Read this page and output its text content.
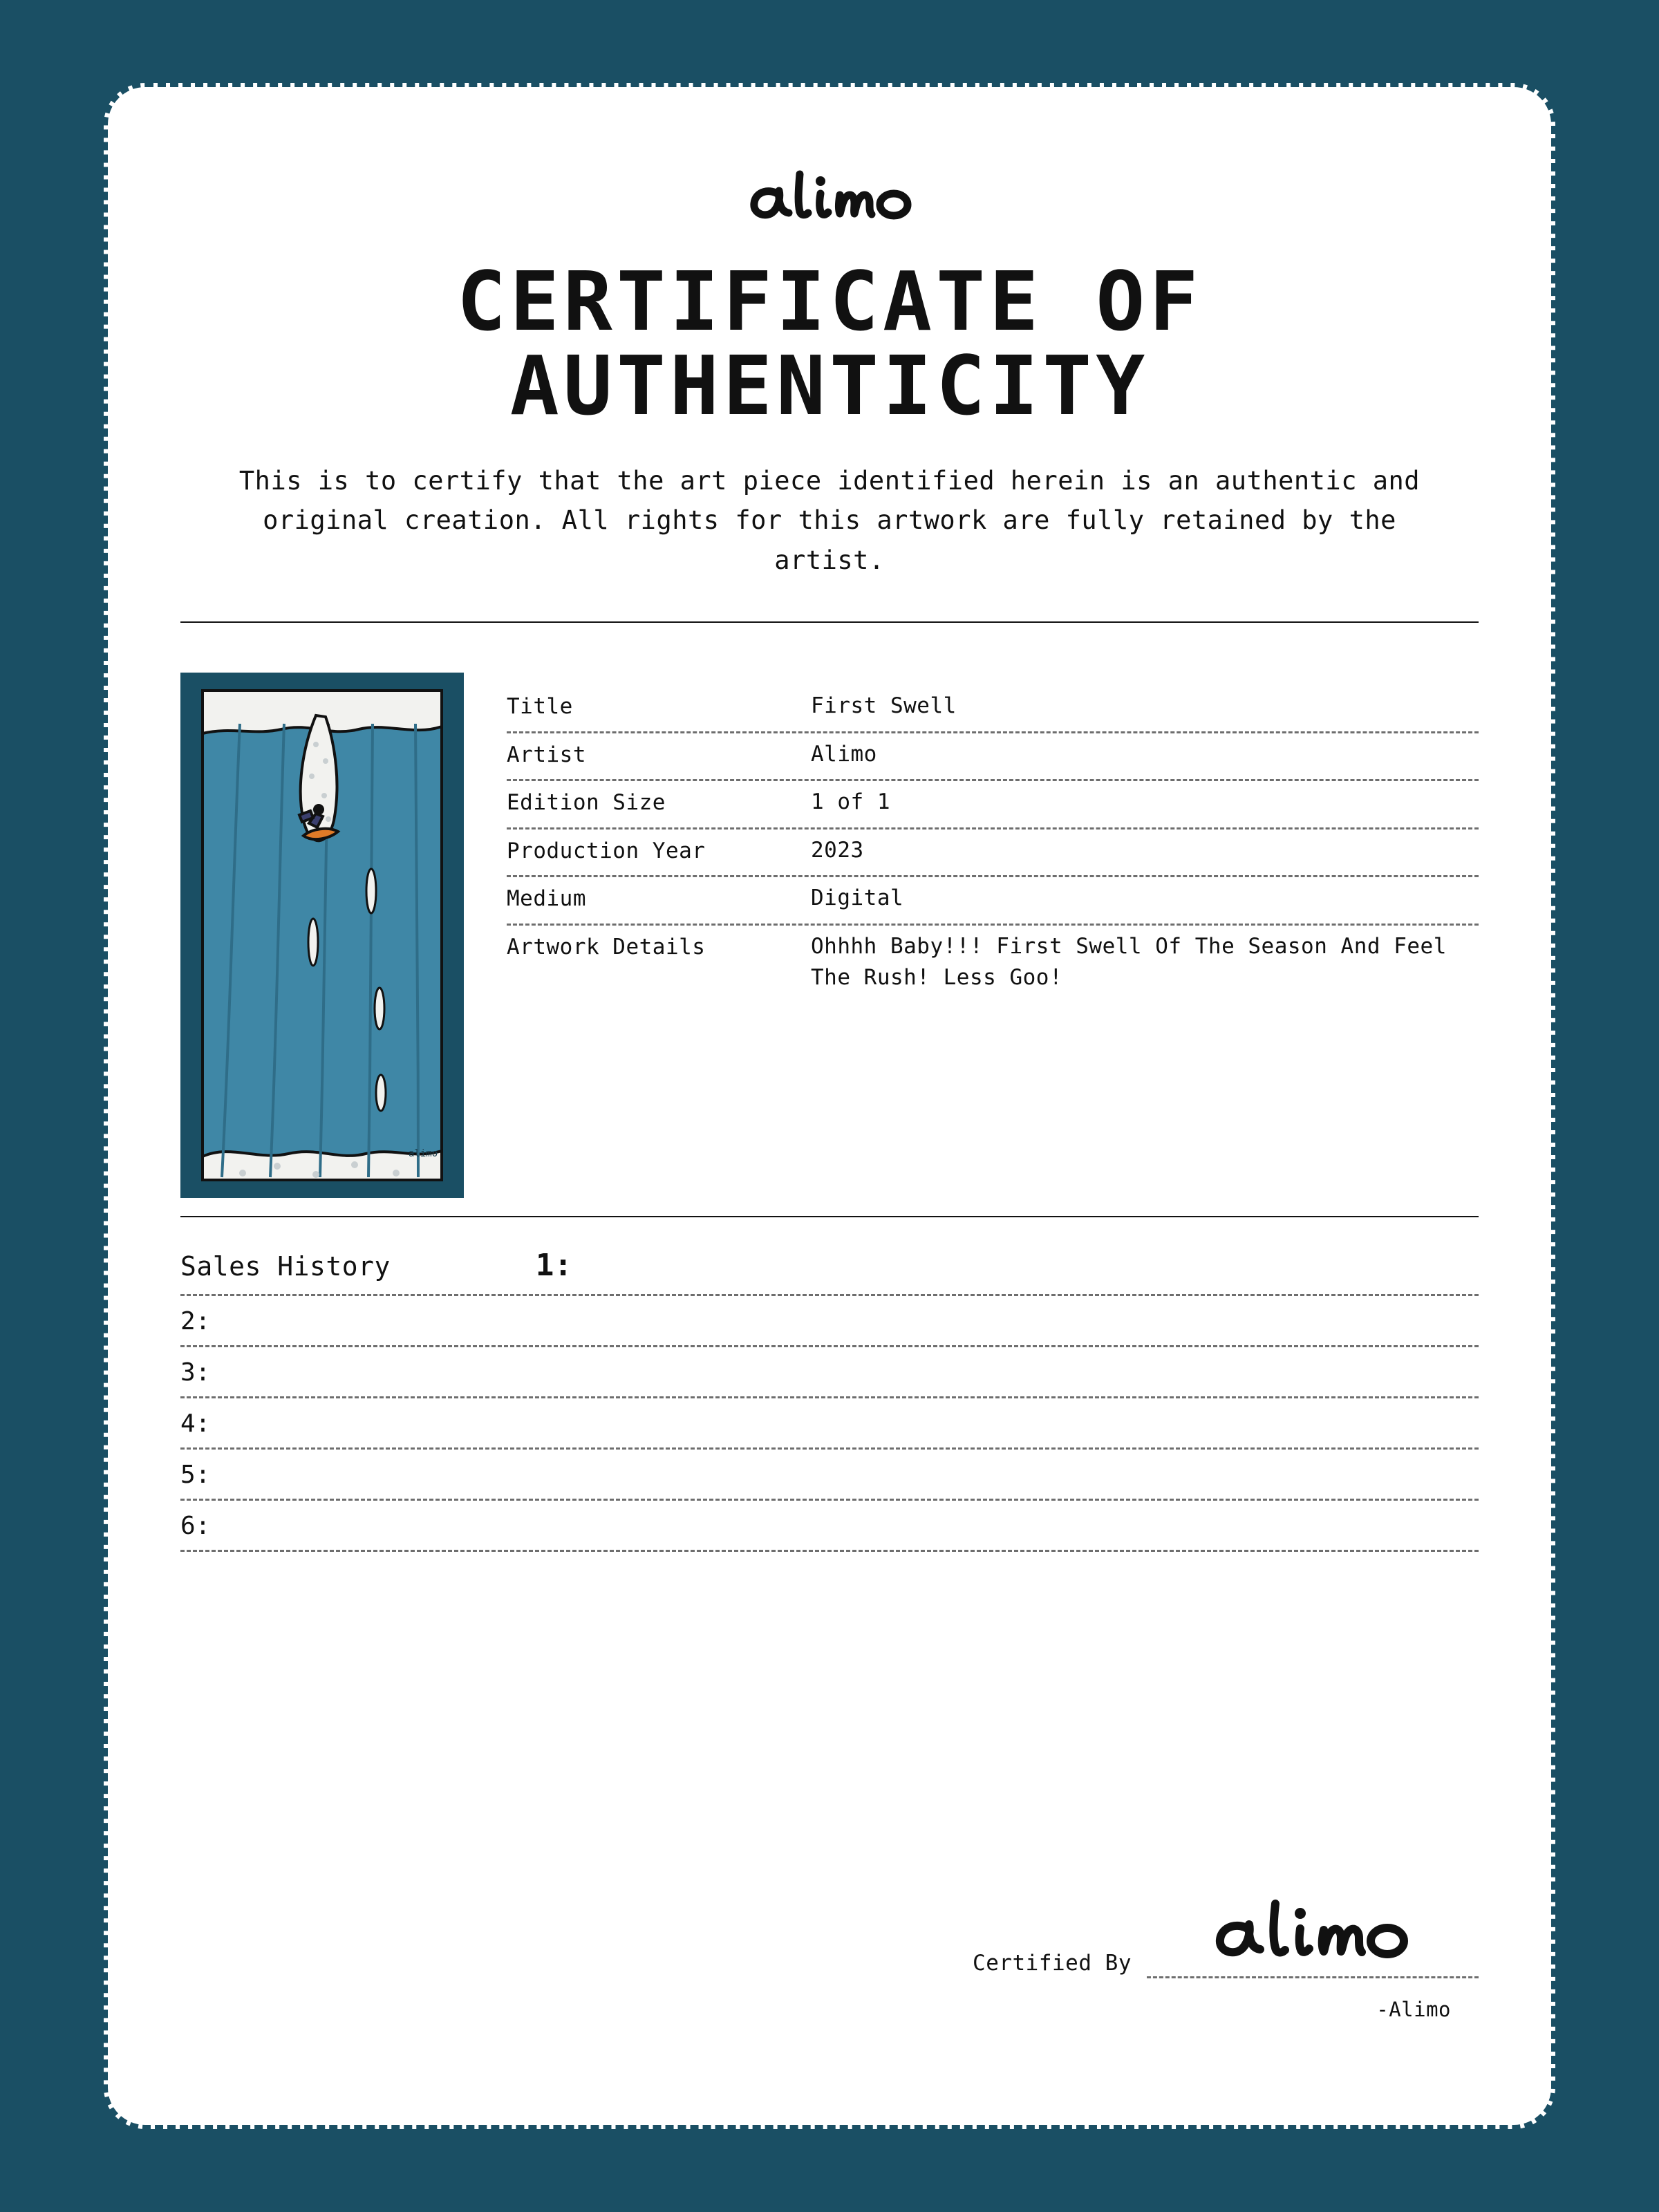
CERTIFICATE OF AUTHENTICITY

This is to certify that the art piece identified herein is an authentic and original creation. All rights for this artwork are fully retained by the artist.

alimo
Title	First Swell
Artist	Alimo
Edition Size	1 of 1
Production Year	2023
Medium	Digital
Artwork Details	Ohhhh Baby!!! First Swell Of The Season And Feel The Rush! Less Goo!
Sales History	1:
2:
3:
4:
5:
6:
Certified By
-Alimo
